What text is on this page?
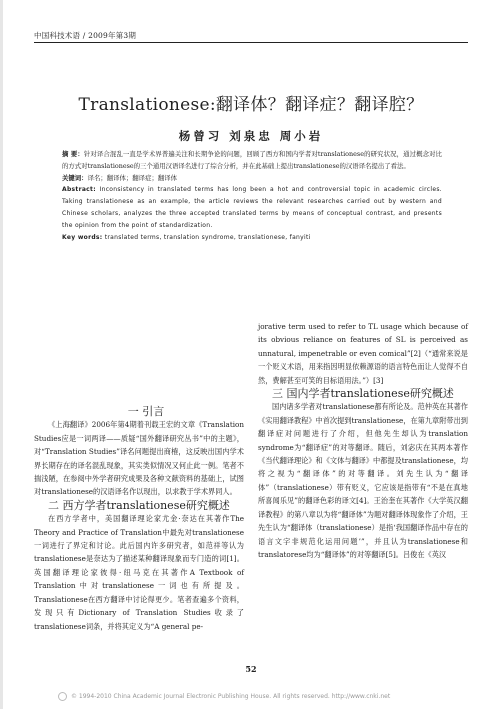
中国科技术语 / 2009年第3期
Translationese:翻译体？翻译症？翻译腔？
杨曾习 刘泉忠 周小岩

摘 要：针对译合混乱一直是学术界普遍关注和长期争论的问题，回顾了西方和国内学者对translationese的研究状况，通过概念对比的方式对translationese的三个通用汉语译名进行了综合分析，并在此基础上提出translationese的汉语译名提出了看法。

关键词：译名；翻译体；翻译症；翻译体

Abstract: Inconsistency in translated terms has long been a hot and controversial topic in academic circles. Taking translationese as an example, the article reviews the relevant researches carried out by western and Chinese scholars, analyzes the three accepted translated terms by means of conceptual contrast, and presents the opinion from the point of standardization.

Key words: translated terms, translation syndrome, translationese, fanyiti

一 引言

《上海翻译》2006年第4期着刊载王宏的文章《Translation Studies应是一词两译——质疑“国外翻译研究丛书”中的主题》，对“Translation Studies”译名问题提出商榷，这反映出国内学术界长期存在的译名混乱现象，其实类似情况又何止此一例。笔者不揣浅陋，在参阅中外学者研究成果及各种文献资料的基础上，试图对translationese的汉语译名作以现出，以求教于学术界同人。

二 西方学者translationese研究概述

在西方学者中，美国翻译理论家尤金·奈达在其著作The Theory and Practice of Translation中最先对translationese一词进行了界定和讨论。此后国内许多研究者，如范祥等认为translationese是奈达为了描述某种翻译现象而专门造的词[1]。英国翻译理论家彼得·纽马克在其著作A Textbook of Translation中对translationese一词也有所提及。Translationese在西方翻译中讨论得更少。笔者查遍多个资料，发现只有Dictionary of Translation Studies收录了translationese词条，并将其定义为“A general pe-

jorative term used to refer to TL usage which because of its obvious reliance on features of SL is perceived as unnatural, impenetrable or even comical”[2]（“通常来说是一个贬义术语，用来指因明显依赖源语的语言特色而让人觉得不自然，费解甚至可笑的目标语用法。”）[3]

三 国内学者translationese研究概述

国内诸多学者对translationese都有所论及。范仲英在其著作《实用翻译教程》中首次提到translationese，在第九章附带出到翻译症对问题进行了介绍，但他先生却认为translation syndrome为“翻译症”的对等翻译。随后，刘宓庆在其两本著作《当代翻译理论》和《文体与翻译》中都提及translationese，均将之视为“翻译体”的对等翻译。刘先生认为“翻译体”（translationese）带有贬义，它应该是指带有“不是在真地所喜闻乐见”的翻译色彩的译文[4]。王治奎在其著作《大学英汉翻译教程》的第八章以为将“翻译体”为题对翻译体现象作了介绍，王先生认为“翻译体（translationese）是指‘我国翻译作品中存在的语言文字非规范化运用问题’”，并且认为translationese和translatorese均为“翻译体”的对等翻译[5]。吕俊在《英汉

52
© 1994-2010 China Academic Journal Electronic Publishing House. All rights reserved. http://www.cnki.net
